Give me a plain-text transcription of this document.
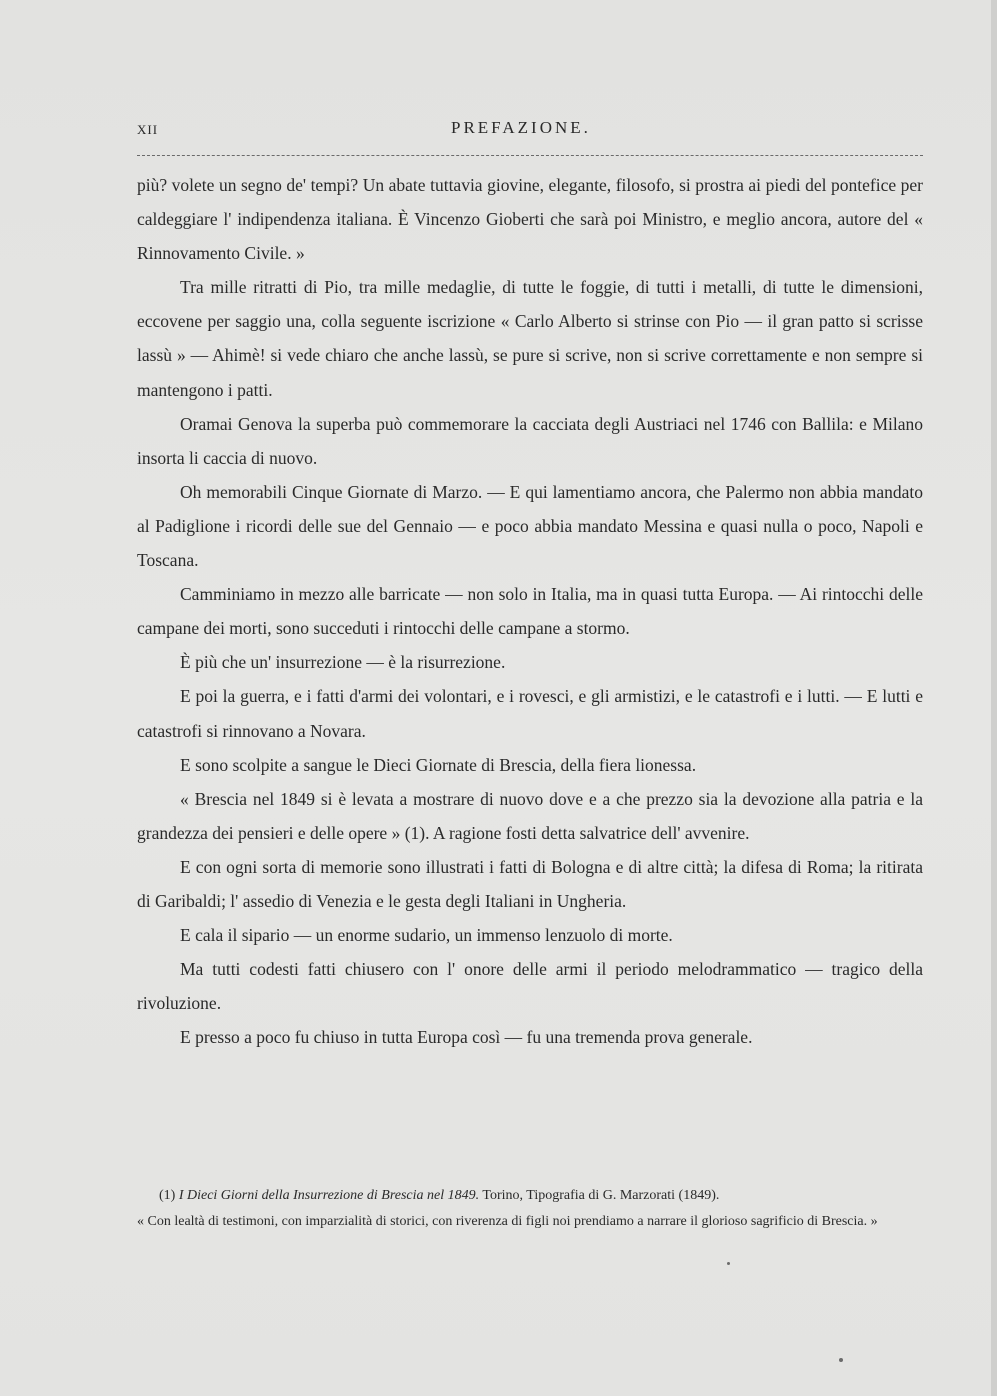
XII	PREFAZIONE.

più? volete un segno de' tempi? Un abate tuttavia giovine, elegante, filosofo, si prostra ai piedi del pontefice per caldeggiare l' indipendenza italiana. È Vincenzo Gioberti che sarà poi Ministro, e meglio ancora, autore del « Rinnovamento Civile. »

Tra mille ritratti di Pio, tra mille medaglie, di tutte le foggie, di tutti i metalli, di tutte le dimensioni, eccovene per saggio una, colla seguente iscrizione « Carlo Alberto si strinse con Pio — il gran patto si scrisse lassù » — Ahimè! si vede chiaro che anche lassù, se pure si scrive, non si scrive correttamente e non sempre si mantengono i patti.

Oramai Genova la superba può commemorare la cacciata degli Austriaci nel 1746 con Ballila: e Milano insorta li caccia di nuovo.

Oh memorabili Cinque Giornate di Marzo. — E qui lamentiamo ancora, che Palermo non abbia mandato al Padiglione i ricordi delle sue del Gennaio — e poco abbia mandato Messina e quasi nulla o poco, Napoli e Toscana.

Camminiamo in mezzo alle barricate — non solo in Italia, ma in quasi tutta Europa. — Ai rintocchi delle campane dei morti, sono succeduti i rintocchi delle campane a stormo.

È più che un' insurrezione — è la risurrezione.

E poi la guerra, e i fatti d'armi dei volontari, e i rovesci, e gli armistizi, e le catastrofi e i lutti. — E lutti e catastrofi si rinnovano a Novara.

E sono scolpite a sangue le Dieci Giornate di Brescia, della fiera lionessa.

« Brescia nel 1849 si è levata a mostrare di nuovo dove e a che prezzo sia la devozione alla patria e la grandezza dei pensieri e delle opere » (1). A ragione fosti detta salvatrice dell' avvenire.

E con ogni sorta di memorie sono illustrati i fatti di Bologna e di altre città; la difesa di Roma; la ritirata di Garibaldi; l' assedio di Venezia e le gesta degli Italiani in Ungheria.

E cala il sipario — un enorme sudario, un immenso lenzuolo di morte.

Ma tutti codesti fatti chiusero con l' onore delle armi il periodo melodrammatico — tragico della rivoluzione.

E presso a poco fu chiuso in tutta Europa così — fu una tremenda prova generale.

(1) I Dieci Giorni della Insurrezione di Brescia nel 1849. Torino, Tipografia di G. Marzorati (1849).

« Con lealtà di testimoni, con imparzialità di storici, con riverenza di figli noi prendiamo a narrare il glorioso sagrificio di Brescia. »
